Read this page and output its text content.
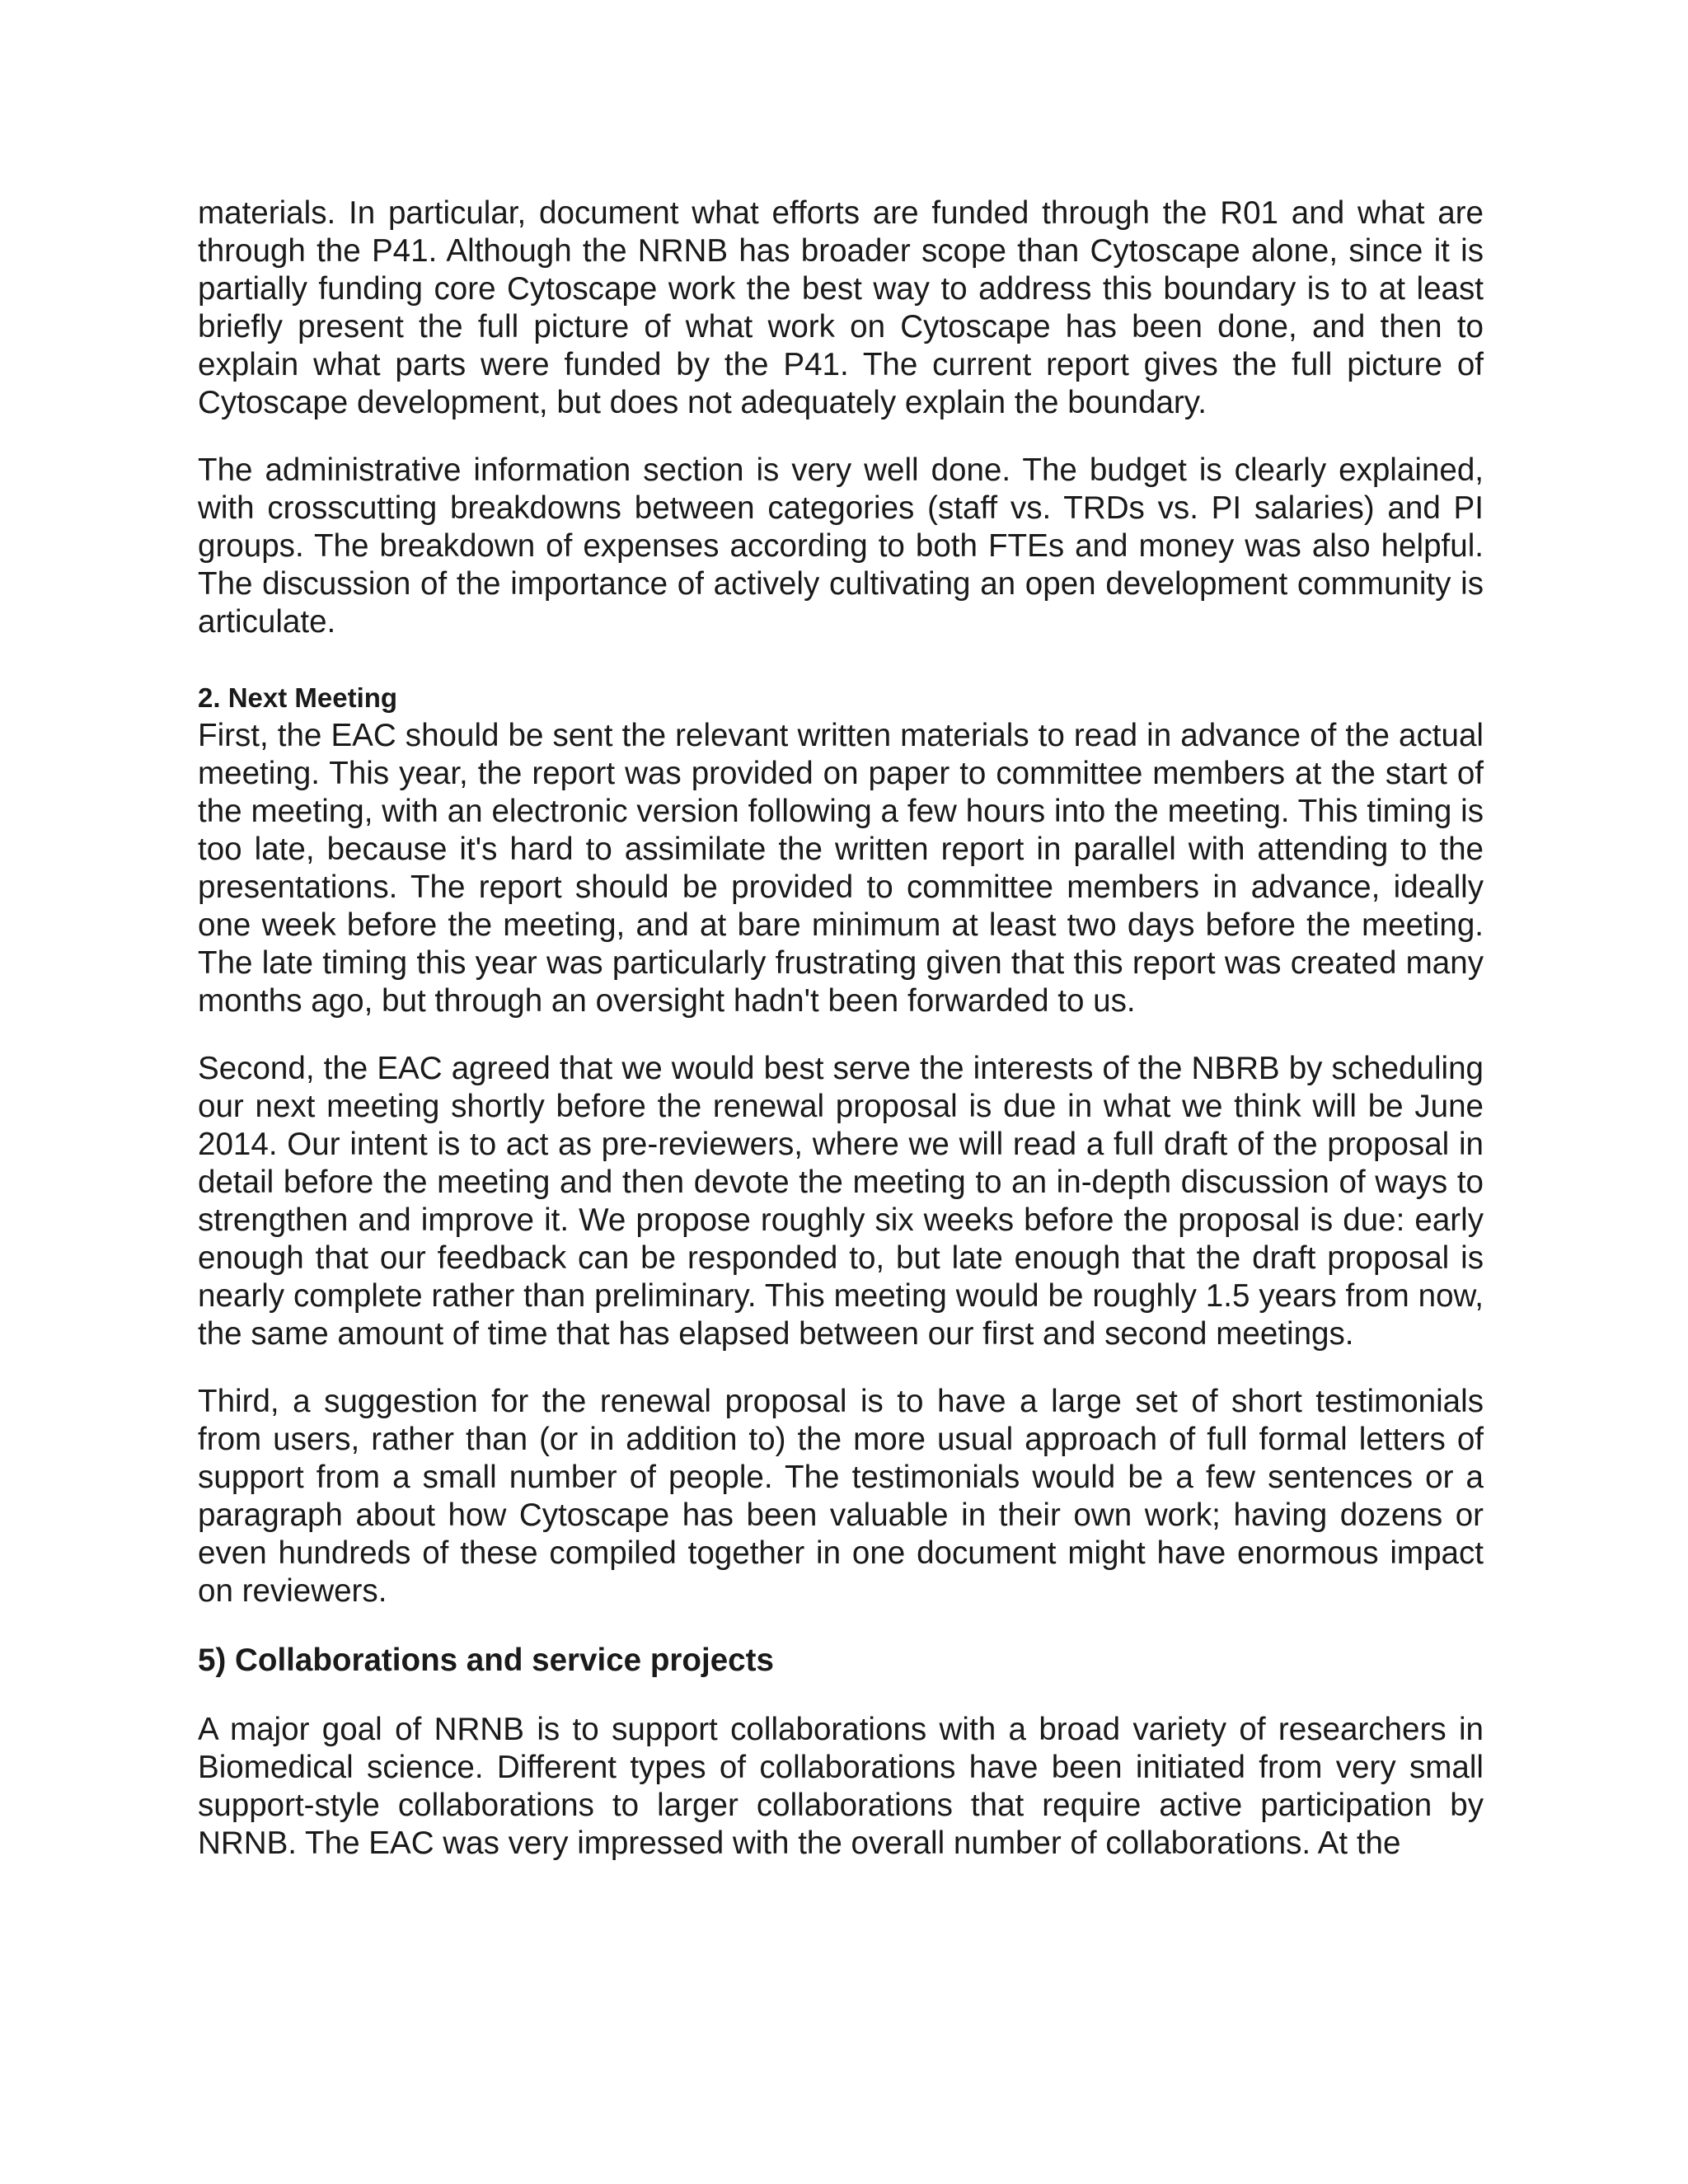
materials. In particular, document what efforts are funded through the R01 and what are through the P41. Although the NRNB has broader scope than Cytoscape alone, since it is partially funding core Cytoscape work the best way to address this boundary is to at least briefly present the full picture of what work on Cytoscape has been done, and then to explain what parts were funded by the P41. The current report gives the full picture of Cytoscape development, but does not adequately explain the boundary.

The administrative information section is very well done. The budget is clearly explained, with crosscutting breakdowns between categories (staff vs. TRDs vs. PI salaries) and PI groups. The breakdown of expenses according to both FTEs and money was also helpful. The discussion of the importance of actively cultivating an open development community is articulate.

2. Next Meeting

First, the EAC should be sent the relevant written materials to read in advance of the actual meeting. This year, the report was provided on paper to committee members at the start of the meeting, with an electronic version following a few hours into the meeting. This timing is too late, because it's hard to assimilate the written report in parallel with attending to the presentations. The report should be provided to committee members in advance, ideally one week before the meeting, and at bare minimum at least two days before the meeting. The late timing this year was particularly frustrating given that this report was created many months ago, but through an oversight hadn't been forwarded to us.

Second, the EAC agreed that we would best serve the interests of the NBRB by scheduling our next meeting shortly before the renewal proposal is due in what we think will be June 2014. Our intent is to act as pre-reviewers, where we will read a full draft of the proposal in detail before the meeting and then devote the meeting to an in-depth discussion of ways to strengthen and improve it. We propose roughly six weeks before the proposal is due: early enough that our feedback can be responded to, but late enough that the draft proposal is nearly complete rather than preliminary. This meeting would be roughly 1.5 years from now, the same amount of time that has elapsed between our first and second meetings.

Third, a suggestion for the renewal proposal is to have a large set of short testimonials from users, rather than (or in addition to) the more usual approach of full formal letters of support from a small number of people. The testimonials would be a few sentences or a paragraph about how Cytoscape has been valuable in their own work; having dozens or even hundreds of these compiled together in one document might have enormous impact on reviewers.

5) Collaborations and service projects

A major goal of NRNB is to support collaborations with a broad variety of researchers in Biomedical science. Different types of collaborations have been initiated from very small support-style collaborations to larger collaborations that require active participation by NRNB. The EAC was very impressed with the overall number of collaborations. At the
